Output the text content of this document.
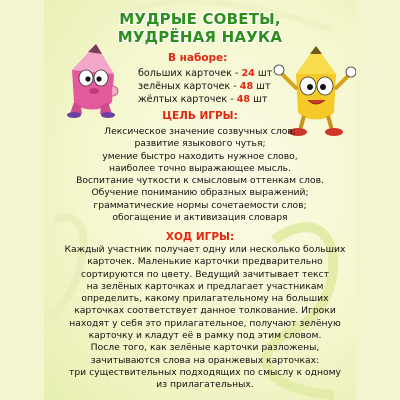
МУДРЫЕ СОВЕТЫ,
МУДРЁНАЯ НАУКА
В наборе:
больших карточек - 24 шт
зелёных карточек - 48 шт
жёлтых карточек - 48 шт
ЦЕЛЬ ИГРЫ:
Лексическое значение созвучных слов;
развитие языкового чутья;
умение быстро находить нужное слово,
наиболее точно выражающее мысль.
Воспитание чуткости к смысловым оттенкам слов.
Обучение пониманию образных выражений;
грамматические нормы сочетаемости слов;
обогащение и активизация словаря
ХОД ИГРЫ:
Каждый участник получает одну или несколько больших
карточек. Маленькие карточки предварительно
сортируются по цвету. Ведущий зачитывает текст
на зелёных карточках и предлагает участникам
определить, какому прилагательному на больших
карточках соответствует данное толкование. Игроки
находят у себя это прилагательное, получают зелёную
карточку и кладут её в рамку под этим словом.
После того, как зелёные карточки разложены,
зачитываются слова на оранжевых карточках:
три существительных подходящих по смыслу к одному
из прилагательных.
